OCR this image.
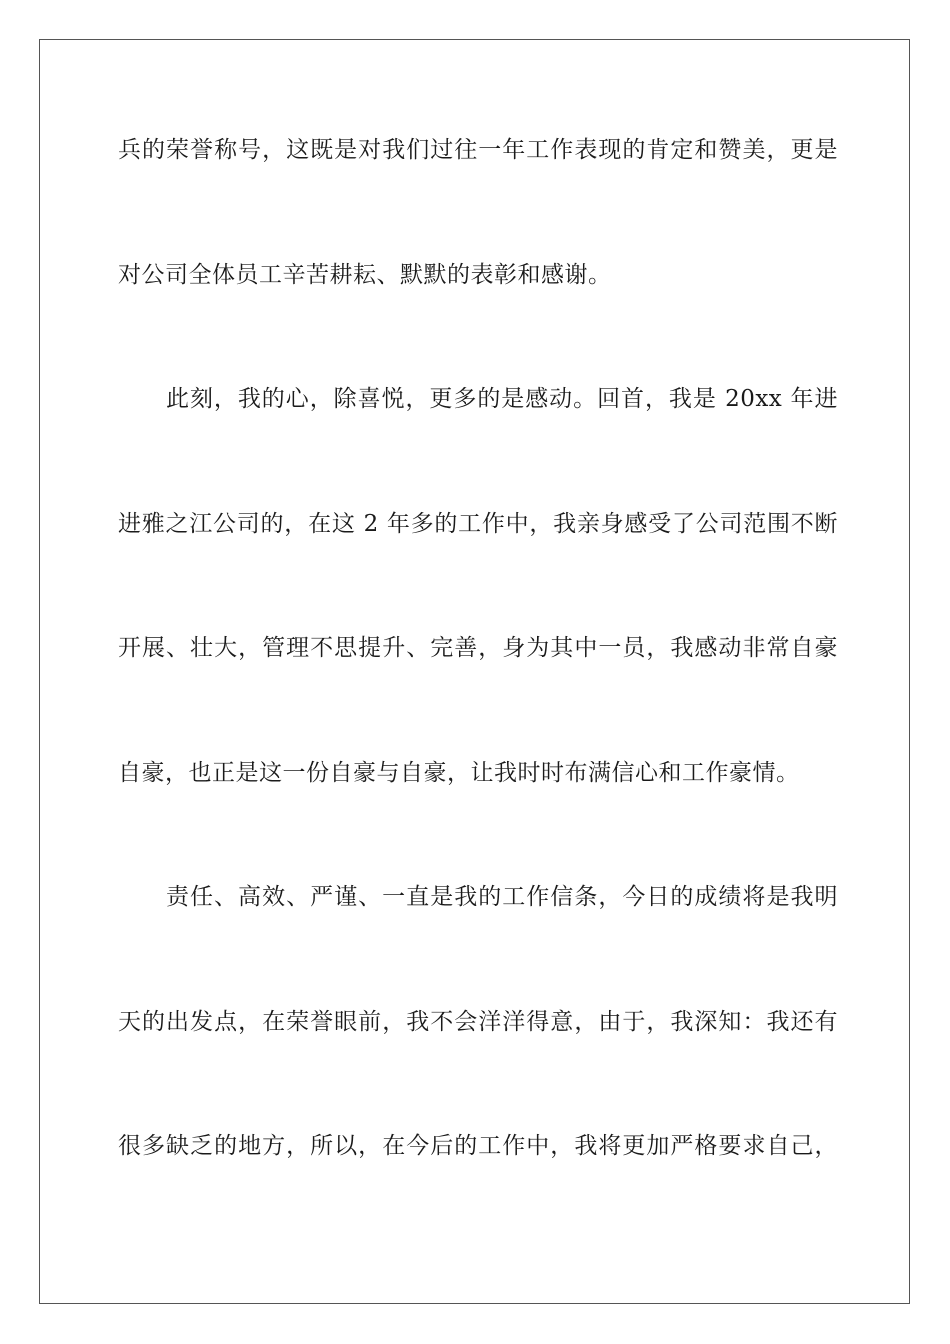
兵的荣誉称号，这既是对我们过往一年工作表现的肯定和赞美，更是
对公司全体员工辛苦耕耘、默默的表彰和感谢。
此刻，我的心，除喜悦，更多的是感动。回首，我是 20xx 年进
进雅之江公司的，在这 2 年多的工作中，我亲身感受了公司范围不断
开展、壮大，管理不思提升、完善，身为其中一员，我感动非常自豪
自豪，也正是这一份自豪与自豪，让我时时布满信心和工作豪情。
责任、高效、严谨、一直是我的工作信条，今日的成绩将是我明
天的出发点，在荣誉眼前，我不会洋洋得意，由于，我深知：我还有
很多缺乏的地方，所以，在今后的工作中，我将更加严格要求自己，
